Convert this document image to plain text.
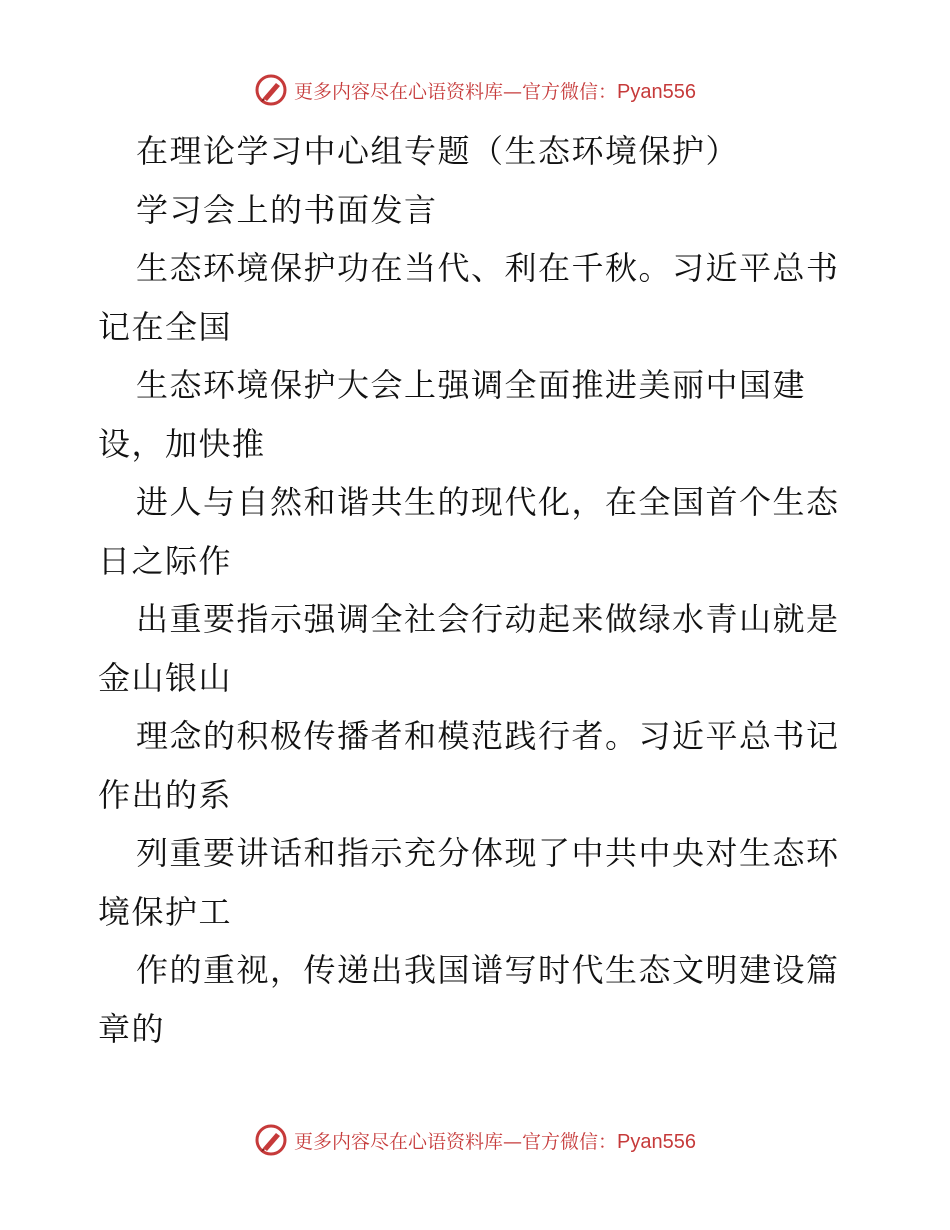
更多内容尽在心语资料库—官方微信：Pyan556
在理论学习中心组专题（生态环境保护）
学习会上的书面发言
生态环境保护功在当代、利在千秋。习近平总书
记在全国
生态环境保护大会上强调全面推进美丽中国建
设，加快推
进人与自然和谐共生的现代化，在全国首个生态
日之际作
出重要指示强调全社会行动起来做绿水青山就是
金山银山
理念的积极传播者和模范践行者。习近平总书记
作出的系
列重要讲话和指示充分体现了中共中央对生态环
境保护工
作的重视，传递出我国谱写时代生态文明建设篇
章的
更多内容尽在心语资料库—官方微信：Pyan556
